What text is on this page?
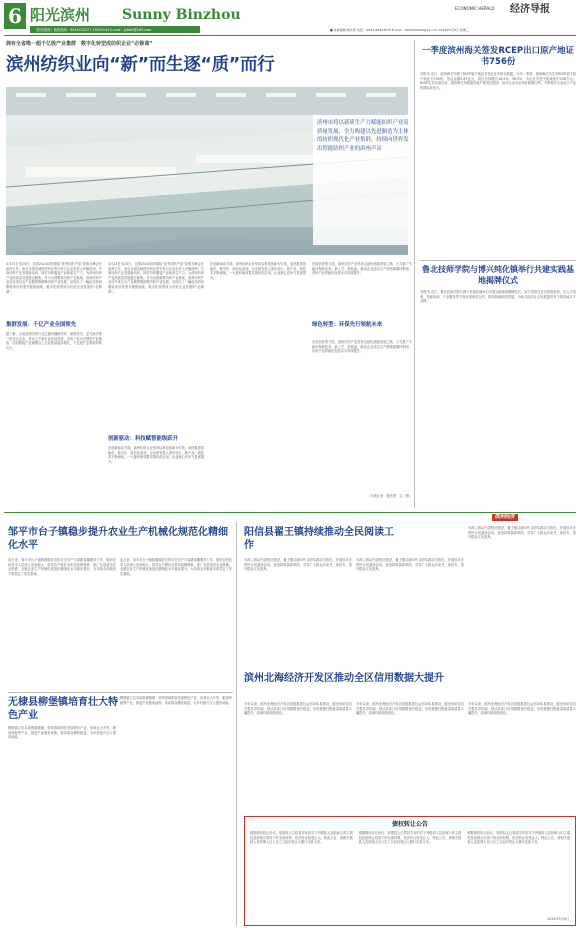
6 阳光滨州 Sunny Binzhou	ECONOMIC HERALD 经济导报
《阳光滨州》瓶纸热线：0543333277 13854344 E-mail：jjdbbz@163.com	■ 本版编辑 殷光勇 电话：(0531)85163575 E-mail：1609503946@qq.com 2024年5月8日 星期三
拥有全省唯一超千亿级产业集群　数字化转型成纺织企业“必修课”
滨州纺织业向“新”而生逐“质”而行
滨州市将以新质生产力赋能纺织产业高质量发展，全力构建以先进制造为主体的纺织现代化产业集群，持续向世界发出智能纺织产业的滨州声音
4月23日至24日，全国2024纺织服装“优秀纺织产品”及相关峰会在滨州召开。来自全国各地的纺织业界专家与企业负责人齐聚滨州，共商纺织产业发展新动向，探讨纺织服装产业新质生产力，为滨州纺织产业高质量发展建言献策。作为全国重要纺织产业基地，滨州纺织产业近年来以全产业链思维统筹纺织产业发展，呈现出了一幅由纺织向服装家纺转型升级的画卷，数字化转型成为纺织企业发展的“必修课”。
集群发展：千亿产业全国领先
据了解，目前滨州纺织行业已拥有魏桥纺织、愉悦家纺、亚光家纺等一批龙头企业，带动上下游企业协同发展，形成了较为完整的产业链条，纺织服装产业规模以上企业数量稳步增长，千亿级产业集群持续壮大。
4月23日至24日，全国2024纺织服装“优秀纺织产品”及相关峰会在滨州召开。来自全国各地的纺织业界专家与企业负责人齐聚滨州，共商纺织产业发展新动向，探讨纺织服装产业新质生产力，为滨州纺织产业高质量发展建言献策。作为全国重要纺织产业基地，滨州纺织产业近年来以全产业链思维统筹纺织产业发展，呈现出了一幅由纺织向服装家纺转型升级的画卷，数字化转型成为纺织企业发展的“必修课”。
创新驱动：科技赋智能级跃升
在创新驱动方面，滨州纺织企业坚持以科技创新为引领，加快推进智能化、数字化、绿色化改造，企业研发投入逐年加大，新产品、新技术不断涌现，一大批科研成果实现转化应用，企业核心竞争力显著提升。
在创新驱动方面，滨州纺织企业坚持以科技创新为引领，加快推进智能化、数字化、绿色化改造，企业研发投入逐年加大，新产品、新技术不断涌现，一大批科研成果实现转化应用，企业核心竞争力显著提升。
在绿色转型方面，滨州纺织产业坚持走绿色低碳发展之路，大力推广节能环保新技术、新工艺、新装备，推动企业清洁生产和资源循环利用，纺织产业的绿色发展水平持续提升。
绿色转型：环保先行领航未来
在绿色转型方面，滨州纺织产业坚持走绿色低碳发展之路，大力推广节能环保新技术、新工艺、新装备，推动企业清洁生产和资源循环利用，纺织产业的绿色发展水平持续提升。
（本报记者　殷光勇　文／图）
一季度滨州海关签发RCEP出口原产地证书756份
导报讯 近日，滨州海关办理了RCEP原产地证书签证业务统计数据。今年一季度，滨州海关共签发RCEP项下原产地证书756份，签证金额2.87亿元，同比分别增长28.9%、38.3%，为企业享受关税减免约238万元。RCEP生效实施以来，滨州海关持续做好原产地签证服务，指导企业用足用好政策红利，不断提升企业出口产品的国际竞争力。
鲁北技师学院与博兴纯化镇举行共建实践基地揭牌仪式
导报讯 近日，鲁北技师学院与博兴县纯化镇举行共建实践基地揭牌仪式。双方将依托各自资源优势，在人才培养、技能培训、产业服务等方面开展深度合作，推动校地协同发展，为地方经济社会发展提供有力的技能人才支撑。
滨州经济
邹平市台子镇稳步提升农业生产机械化规范化精细化水平
连日来，邹平市台子镇积极做好农机安全生产与春耕春播服务工作，组织农机技术人员深入田间地头，指导农户做好农机具检修保养，推广先进适用农业机械，全镇农业生产机械化规范化精细化水平稳步提升，为夺取全年粮食丰收奠定了坚实基础。
连日来，邹平市台子镇积极做好农机安全生产与春耕春播服务工作，组织农机技术人员深入田间地头，指导农户做好农机具检修保养，推广先进适用农业机械，全镇农业生产机械化规范化精细化水平稳步提升，为夺取全年粮食丰收奠定了坚实基础。
无棣县柳堡镇培育壮大特色产业
柳堡镇立足本地资源禀赋，坚持因地制宜发展特色产业，培育壮大冬枣、粮食种植等产业，推进产业链条延伸，带动群众增收致富，为乡村振兴注入强劲动能。
柳堡镇立足本地资源禀赋，坚持因地制宜发展特色产业，培育壮大冬枣、粮食种植等产业，推进产业链条延伸，带动群众增收致富，为乡村振兴注入强劲动能。
阳信县翟王镇持续推动全民阅读工作
为深入推动书香阳信建设，翟王镇以新时代文明实践站为依托，开展形式多样的全民阅读活动，营造浓厚阅读氛围，引导广大群众多读书、读好书，提升群众文化素养。
为深入推动书香阳信建设，翟王镇以新时代文明实践站为依托，开展形式多样的全民阅读活动，营造浓厚阅读氛围，引导广大群众多读书、读好书，提升群众文化素养。
为深入推动书香阳信建设，翟王镇以新时代文明实践站为依托，开展形式多样的全民阅读活动，营造浓厚阅读氛围，引导广大群众多读书、读好书，提升群众文化素养。
滨州北海经济开发区推动全区信用数据大提升
今年以来，滨州北海经济开发区积极推进社会信用体系建设，健全信用信息归集共享机制，推动各部门信用数据及时报送，信用数据归集数量和质量大幅提升，营商环境持续优化。
今年以来，滨州北海经济开发区积极推进社会信用体系建设，健全信用信息归集共享机制，推动各部门信用数据及时报送，信用数据归集数量和质量大幅提升，营商环境持续优化。
今年以来，滨州北海经济开发区积极推进社会信用体系建设，健全信用信息归集共享机制，推动各部门信用数据及时报送，信用数据归集数量和质量大幅提升，营商环境持续优化。
债权转让公告
根据债权转让协议，原债权人已将其享有的对下列借款人及担保人的主债权及担保合同项下的全部权利，依法转让给受让人。特此公告，请相关借款人及担保人自公告之日起向受让人履行还款义务。
根据债权转让协议，原债权人已将其享有的对下列借款人及担保人的主债权及担保合同项下的全部权利，依法转让给受让人。特此公告，请相关借款人及担保人自公告之日起向受让人履行还款义务。
根据债权转让协议，原债权人已将其享有的对下列借款人及担保人的主债权及担保合同项下的全部权利，依法转让给受让人。特此公告，请相关借款人及担保人自公告之日起向受让人履行还款义务。
2024年5月8日
